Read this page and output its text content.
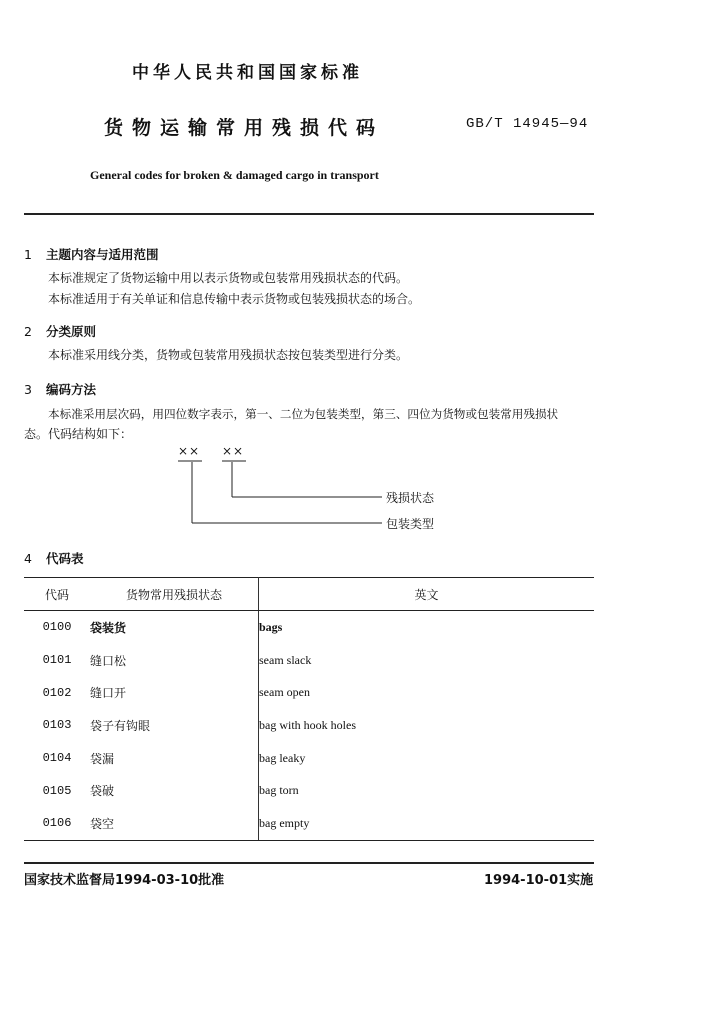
中华人民共和国国家标准
货物运输常用残损代码	GB/T 14945—94
General codes for broken & damaged cargo in transport
1 主题内容与适用范围
本标准规定了货物运输中用以表示货物或包装常用残损状态的代码。
本标准适用于有关单证和信息传输中表示货物或包装残损状态的场合。
2 分类原则
本标准采用线分类，货物或包装常用残损状态按包装类型进行分类。
3 编码方法
本标准采用层次码，用四位数字表示，第一、二位为包装类型，第三、四位为货物或包装常用残损状
态。代码结构如下：
×× ××
残损状态
包装类型
4 代码表
代码	货物常用残损状态	英文
0100	袋装货	bags
0101	缝口松	seam slack
0102	缝口开	seam open
0103	袋子有钩眼	bag with hook holes
0104	袋漏	bag leaky
0105	袋破	bag torn
0106	袋空	bag empty
国家技术监督局1994-03-10批准	1994-10-01实施
